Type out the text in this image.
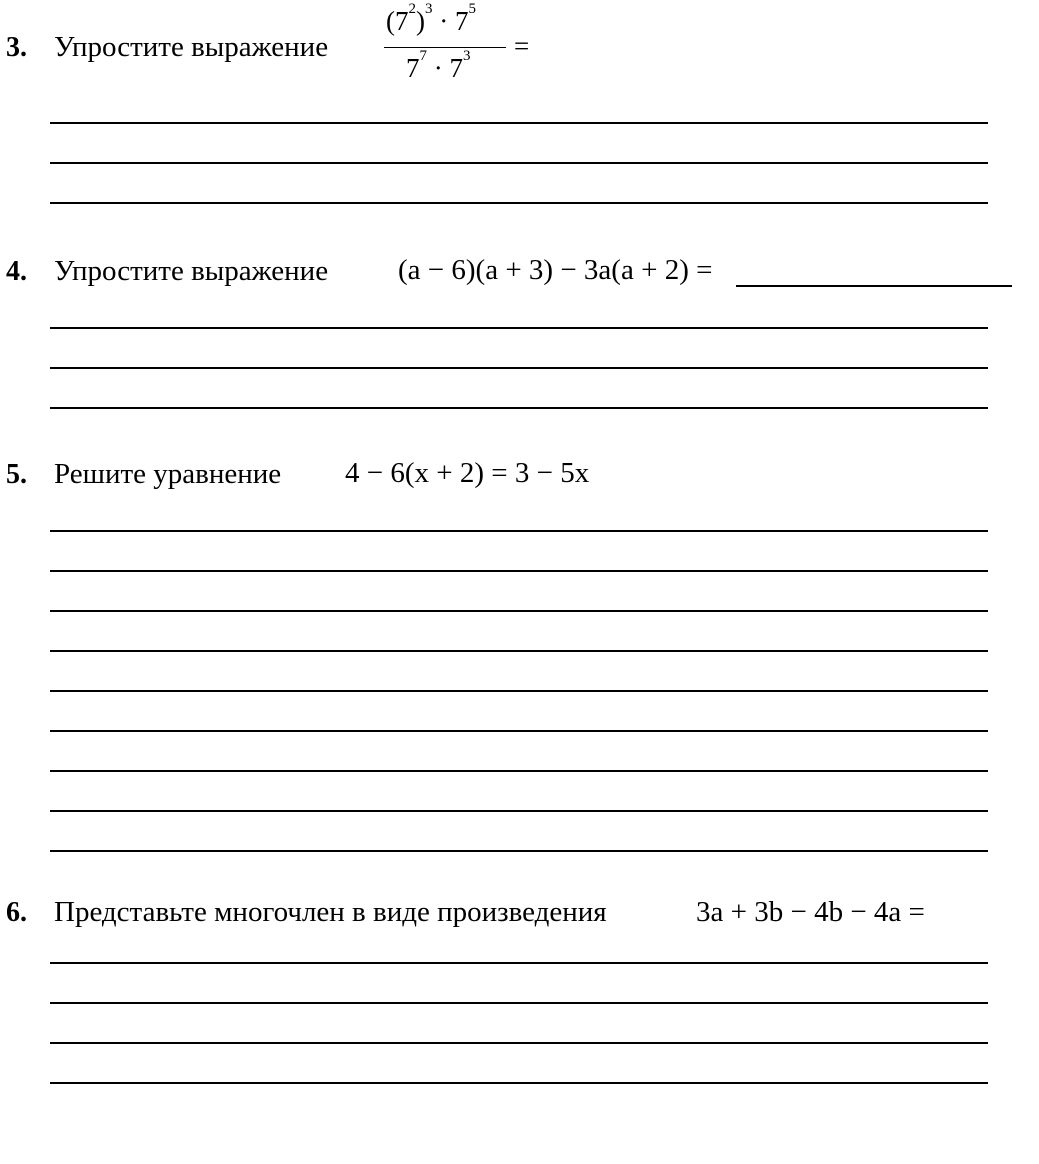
3. Упростите выражение
$(7^2)^3 \cdot 7^5$
$7^7 \cdot 7^3$ =
4. Упростите выражение (a − 6)(a + 3) − 3a(a + 2) =
5. Решите уравнение 4 − 6(x + 2) = 3 − 5x
6. Представьте многочлен в виде произведения	3a + 3b − 4b − 4a =
